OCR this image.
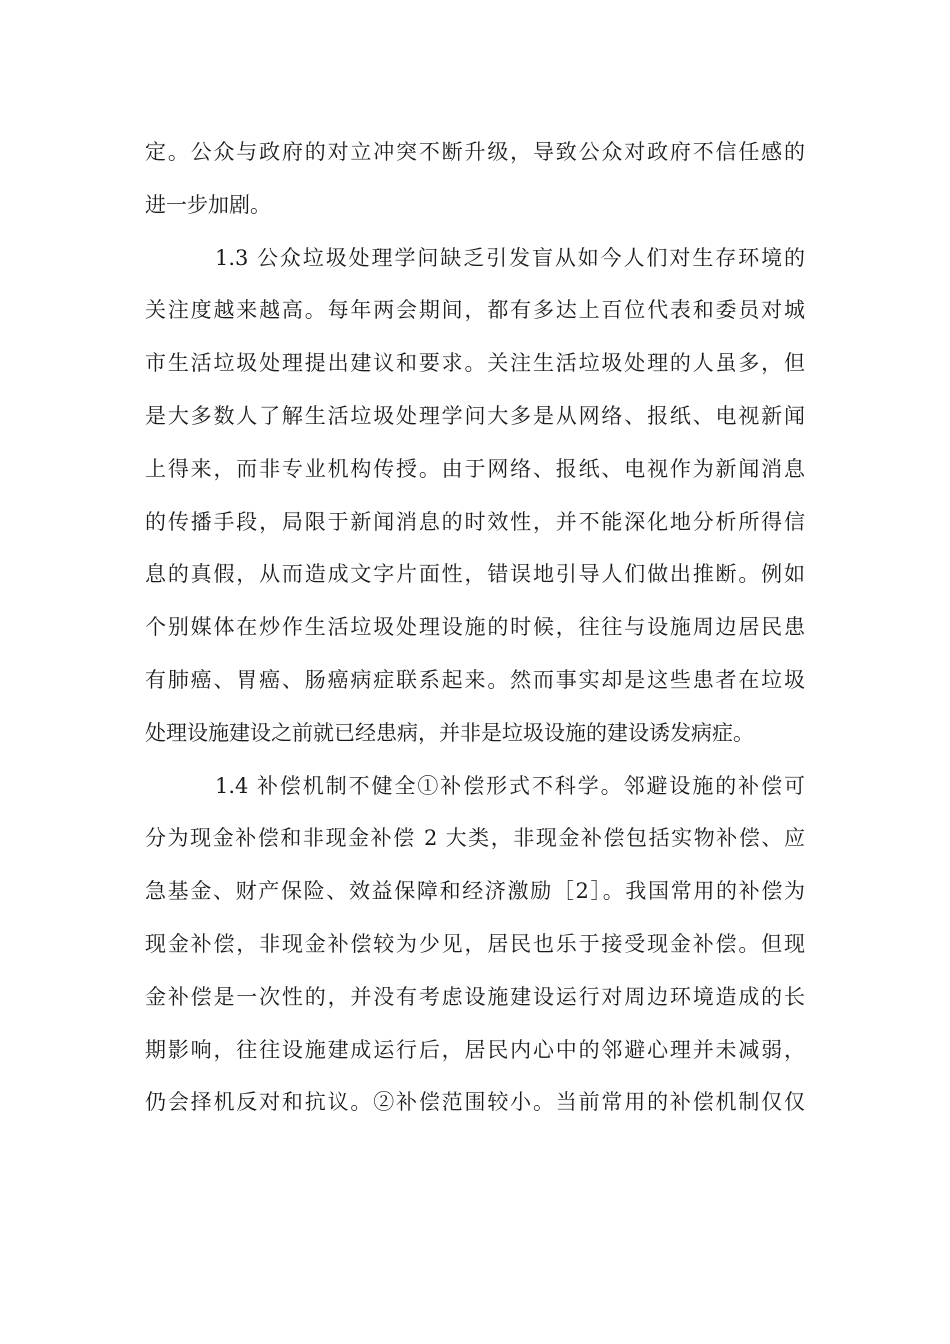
定。公众与政府的对立冲突不断升级，导致公众对政府不信任感的
进一步加剧。
1.3 公众垃圾处理学问缺乏引发盲从如今人们对生存环境的
关注度越来越高。每年两会期间，都有多达上百位代表和委员对城
市生活垃圾处理提出建议和要求。关注生活垃圾处理的人虽多，但
是大多数人了解生活垃圾处理学问大多是从网络、报纸、电视新闻
上得来，而非专业机构传授。由于网络、报纸、电视作为新闻消息
的传播手段，局限于新闻消息的时效性，并不能深化地分析所得信
息的真假，从而造成文字片面性，错误地引导人们做出推断。例如
个别媒体在炒作生活垃圾处理设施的时候，往往与设施周边居民患
有肺癌、胃癌、肠癌病症联系起来。然而事实却是这些患者在垃圾
处理设施建设之前就已经患病，并非是垃圾设施的建设诱发病症。
1.4 补偿机制不健全①补偿形式不科学。邻避设施的补偿可
分为现金补偿和非现金补偿 2 大类，非现金补偿包括实物补偿、应
急基金、财产保险、效益保障和经济激励［2］。我国常用的补偿为
现金补偿，非现金补偿较为少见，居民也乐于接受现金补偿。但现
金补偿是一次性的，并没有考虑设施建设运行对周边环境造成的长
期影响，往往设施建成运行后，居民内心中的邻避心理并未减弱，
仍会择机反对和抗议。②补偿范围较小。当前常用的补偿机制仅仅
